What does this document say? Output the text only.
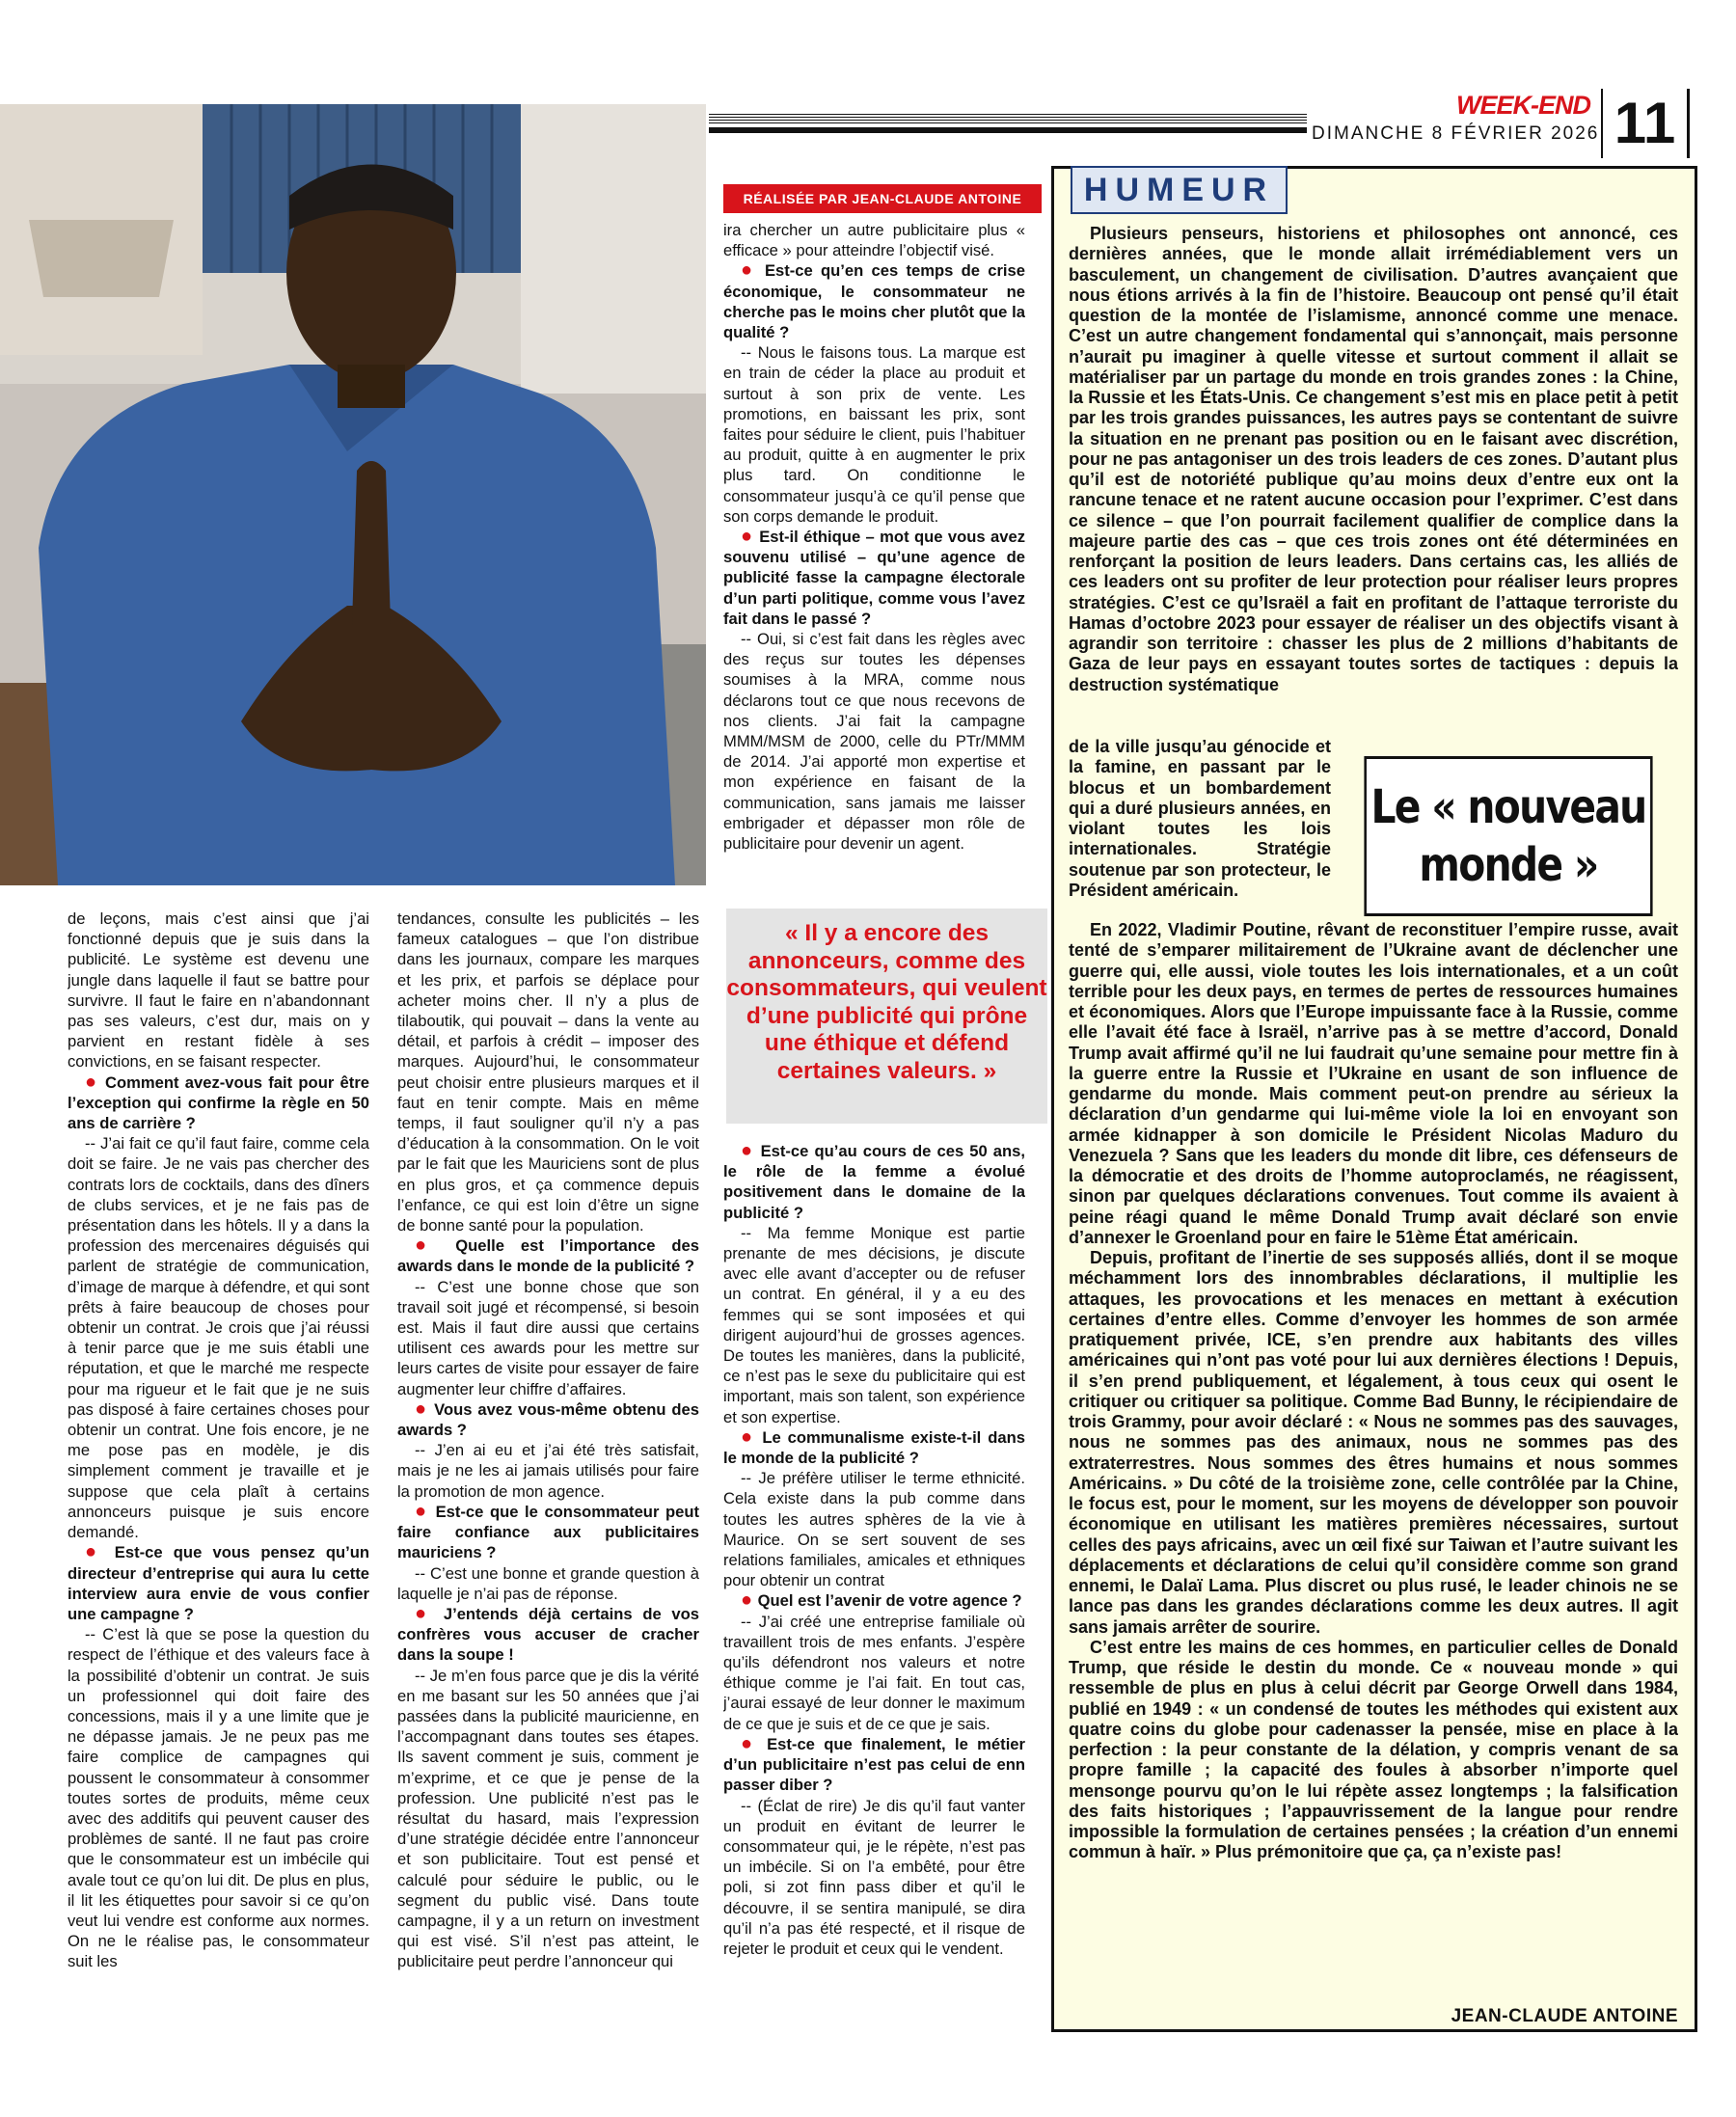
WEEK-END
DIMANCHE 8 FÉVRIER 2026 11
RÉALISÉE PAR JEAN-CLAUDE ANTOINE

de leçons, mais c’est ainsi que j’ai fonctionné depuis que je suis dans la publicité. Le système est devenu une jungle dans laquelle il faut se battre pour survivre. Il faut le faire en n’abandonnant pas ses valeurs, c’est dur, mais on y parvient en restant fidèle à ses convictions, en se faisant respecter.

● Comment avez-vous fait pour être l’exception qui confirme la règle en 50 ans de carrière ?

-- J’ai fait ce qu’il faut faire, comme cela doit se faire. Je ne vais pas chercher des contrats lors de cocktails, dans des dîners de clubs services, et je ne fais pas de présentation dans les hôtels. Il y a dans la profession des mercenaires déguisés qui parlent de stratégie de communication, d’image de marque à défendre, et qui sont prêts à faire beaucoup de choses pour obtenir un contrat. Je crois que j’ai réussi à tenir parce que je me suis établi une réputation, et que le marché me respecte pour ma rigueur et le fait que je ne suis pas disposé à faire certaines choses pour obtenir un contrat. Une fois encore, je ne me pose pas en modèle, je dis simplement comment je travaille et je suppose que cela plaît à certains annonceurs puisque je suis encore demandé.

● Est-ce que vous pensez qu’un directeur d’entreprise qui aura lu cette interview aura envie de vous confier une campagne ?

-- C’est là que se pose la question du respect de l’éthique et des valeurs face à la possibilité d’obtenir un contrat. Je suis un professionnel qui doit faire des concessions, mais il y a une limite que je ne dépasse jamais. Je ne peux pas me faire complice de campagnes qui poussent le consommateur à consommer toutes sortes de produits, même ceux avec des additifs qui peuvent causer des problèmes de santé. Il ne faut pas croire que le consommateur est un imbécile qui avale tout ce qu’on lui dit. De plus en plus, il lit les étiquettes pour savoir si ce qu’on veut lui vendre est conforme aux normes. On ne le réalise pas, le consommateur suit les

tendances, consulte les publicités – les fameux catalogues – que l’on distribue dans les journaux, compare les marques et les prix, et parfois se déplace pour acheter moins cher. Il n’y a plus de tilaboutik, qui pouvait – dans la vente au détail, et parfois à crédit – imposer des marques. Aujourd’hui, le consommateur peut choisir entre plusieurs marques et il faut en tenir compte. Mais en même temps, il faut souligner qu’il n’y a pas d’éducation à la consommation. On le voit par le fait que les Mauriciens sont de plus en plus gros, et ça commence depuis l’enfance, ce qui est loin d’être un signe de bonne santé pour la population.

● Quelle est l’importance des awards dans le monde de la publicité ?

-- C’est une bonne chose que son travail soit jugé et récompensé, si besoin est. Mais il faut dire aussi que certains utilisent ces awards pour les mettre sur leurs cartes de visite pour essayer de faire augmenter leur chiffre d’affaires.

● Vous avez vous-même obtenu des awards ?

-- J’en ai eu et j’ai été très satisfait, mais je ne les ai jamais utilisés pour faire la promotion de mon agence.

● Est-ce que le consommateur peut faire confiance aux publicitaires mauriciens ?

-- C’est une bonne et grande question à laquelle je n’ai pas de réponse.

● J’entends déjà certains de vos confrères vous accuser de cracher dans la soupe !

-- Je m’en fous parce que je dis la vérité en me basant sur les 50 années que j’ai passées dans la publicité mauricienne, en l’accompagnant dans toutes ses étapes. Ils savent comment je suis, comment je m’exprime, et ce que je pense de la profession. Une publicité n’est pas le résultat du hasard, mais l’expression d’une stratégie décidée entre l’annonceur et son publicitaire. Tout est pensé et calculé pour séduire le public, ou le segment du public visé. Dans toute campagne, il y a un return on investment qui est visé. S’il n’est pas atteint, le publicitaire peut perdre l’annonceur qui

ira chercher un autre publicitaire plus « efficace » pour atteindre l’objectif visé.

● Est-ce qu’en ces temps de crise économique, le consommateur ne cherche pas le moins cher plutôt que la qualité ?

-- Nous le faisons tous. La marque est en train de céder la place au produit et surtout à son prix de vente. Les promotions, en baissant les prix, sont faites pour séduire le client, puis l’habituer au produit, quitte à en augmenter le prix plus tard. On conditionne le consommateur jusqu’à ce qu’il pense que son corps demande le produit.

● Est-il éthique – mot que vous avez souvenu utilisé – qu’une agence de publicité fasse la campagne électorale d’un parti politique, comme vous l’avez fait dans le passé ?

-- Oui, si c’est fait dans les règles avec des reçus sur toutes les dépenses soumises à la MRA, comme nous déclarons tout ce que nous recevons de nos clients. J’ai fait la campagne MMM/MSM de 2000, celle du PTr/MMM de 2014. J’ai apporté mon expertise et mon expérience en faisant de la communication, sans jamais me laisser embrigader et dépasser mon rôle de publicitaire pour devenir un agent.

« Il y a encore des annonceurs, comme des consommateurs, qui veulent d’une publicité qui prône une éthique et défend certaines valeurs. »

● Est-ce qu’au cours de ces 50 ans, le rôle de la femme a évolué positivement dans le domaine de la publicité ?

-- Ma femme Monique est partie prenante de mes décisions, je discute avec elle avant d’accepter ou de refuser un contrat. En général, il y a eu des femmes qui se sont imposées et qui dirigent aujourd’hui de grosses agences. De toutes les manières, dans la publicité, ce n’est pas le sexe du publicitaire qui est important, mais son talent, son expérience et son expertise.

● Le communalisme existe-t-il dans le monde de la publicité ?

-- Je préfère utiliser le terme ethnicité. Cela existe dans la pub comme dans toutes les autres sphères de la vie à Maurice. On se sert souvent de ses relations familiales, amicales et ethniques pour obtenir un contrat

● Quel est l’avenir de votre agence ?

-- J’ai créé une entreprise familiale où travaillent trois de mes enfants. J’espère qu’ils défendront nos valeurs et notre éthique comme je l’ai fait. En tout cas, j’aurai essayé de leur donner le maximum de ce que je suis et de ce que je sais.

● Est-ce que finalement, le métier d’un publicitaire n’est pas celui de enn passer diber ?

-- (Éclat de rire) Je dis qu’il faut vanter un produit en évitant de leurrer le consommateur qui, je le répète, n’est pas un imbécile. Si on l’a embêté, pour être poli, si zot finn pass diber et qu’il le découvre, il se sentira manipulé, se dira qu’il n’a pas été respecté, et il risque de rejeter le produit et ceux qui le vendent.

HUMEUR
Plusieurs penseurs, historiens et philosophes ont annoncé, ces dernières années, que le monde allait irrémédiablement vers un basculement, un changement de civilisation. D’autres avançaient que nous étions arrivés à la fin de l’histoire. Beaucoup ont pensé qu’il était question de la montée de l’islamisme, annoncé comme une menace. C’est un autre changement fondamental qui s’annonçait, mais personne n’aurait pu imaginer à quelle vitesse et surtout comment il allait se matérialiser par un partage du monde en trois grandes zones : la Chine, la Russie et les États-Unis. Ce changement s’est mis en place petit à petit par les trois grandes puissances, les autres pays se contentant de suivre la situation en ne prenant pas position ou en le faisant avec discrétion, pour ne pas antagoniser un des trois leaders de ces zones. D’autant plus qu’il est de notoriété publique qu’au moins deux d’entre eux ont la rancune tenace et ne ratent aucune occasion pour l’exprimer. C’est dans ce silence – que l’on pourrait facilement qualifier de complice dans la majeure partie des cas – que ces trois zones ont été déterminées en renforçant la position de leurs leaders. Dans certains cas, les alliés de ces leaders ont su profiter de leur protection pour réaliser leurs propres stratégies. C’est ce qu’Israël a fait en profitant de l’attaque terroriste du Hamas d’octobre 2023 pour essayer de réaliser un des objectifs visant à agrandir son territoire : chasser les plus de 2 millions d’habitants de Gaza de leur pays en essayant toutes sortes de tactiques : depuis la destruction systématique
de la ville jusqu’au génocide et la famine, en passant par le blocus et un bombardement qui a duré plusieurs années, en violant toutes les lois internationales. Stratégie soutenue par son protecteur, le Président américain.
Le « nouveau monde »

En 2022, Vladimir Poutine, rêvant de reconstituer l’empire russe, avait tenté de s’emparer militairement de l’Ukraine avant de déclencher une guerre qui, elle aussi, viole toutes les lois internationales, et a un coût terrible pour les deux pays, en termes de pertes de ressources humaines et économiques. Alors que l’Europe impuissante face à la Russie, comme elle l’avait été face à Israël, n’arrive pas à se mettre d’accord, Donald Trump avait affirmé qu’il ne lui faudrait qu’une semaine pour mettre fin à la guerre entre la Russie et l’Ukraine en usant de son influence de gendarme du monde. Mais comment peut-on prendre au sérieux la déclaration d’un gendarme qui lui-même viole la loi en envoyant son armée kidnapper à son domicile le Président Nicolas Maduro du Venezuela ? Sans que les leaders du monde dit libre, ces défenseurs de la démocratie et des droits de l’homme autoproclamés, ne réagissent, sinon par quelques déclarations convenues. Tout comme ils avaient à peine réagi quand le même Donald Trump avait déclaré son envie d’annexer le Groenland pour en faire le 51ème État américain.

Depuis, profitant de l’inertie de ses supposés alliés, dont il se moque méchamment lors des innombrables déclarations, il multiplie les attaques, les provocations et les menaces en mettant à exécution certaines d’entre elles. Comme d’envoyer les hommes de son armée pratiquement privée, ICE, s’en prendre aux habitants des villes américaines qui n’ont pas voté pour lui aux dernières élections ! Depuis, il s’en prend publiquement, et légalement, à tous ceux qui osent le critiquer ou critiquer sa politique. Comme Bad Bunny, le récipiendaire de trois Grammy, pour avoir déclaré : « Nous ne sommes pas des sauvages, nous ne sommes pas des animaux, nous ne sommes pas des extraterrestres. Nous sommes des êtres humains et nous sommes Américains. » Du côté de la troisième zone, celle contrôlée par la Chine, le focus est, pour le moment, sur les moyens de développer son pouvoir économique en utilisant les matières premières nécessaires, surtout celles des pays africains, avec un œil fixé sur Taiwan et l’autre suivant les déplacements et déclarations de celui qu’il considère comme son grand ennemi, le Dalaï Lama. Plus discret ou plus rusé, le leader chinois ne se lance pas dans les grandes déclarations comme les deux autres. Il agit sans jamais arrêter de sourire.

C’est entre les mains de ces hommes, en particulier celles de Donald Trump, que réside le destin du monde. Ce « nouveau monde » qui ressemble de plus en plus à celui décrit par George Orwell dans 1984, publié en 1949 : « un condensé de toutes les méthodes qui existent aux quatre coins du globe pour cadenasser la pensée, mise en place à la perfection : la peur constante de la délation, y compris venant de sa propre famille ; la capacité des foules à absorber n’importe quel mensonge pourvu qu’on le lui répète assez longtemps ; la falsification des faits historiques ; l’appauvrissement de la langue pour rendre impossible la formulation de certaines pensées ; la création d’un ennemi commun à haïr. » Plus prémonitoire que ça, ça n’existe pas!

JEAN-CLAUDE ANTOINE
